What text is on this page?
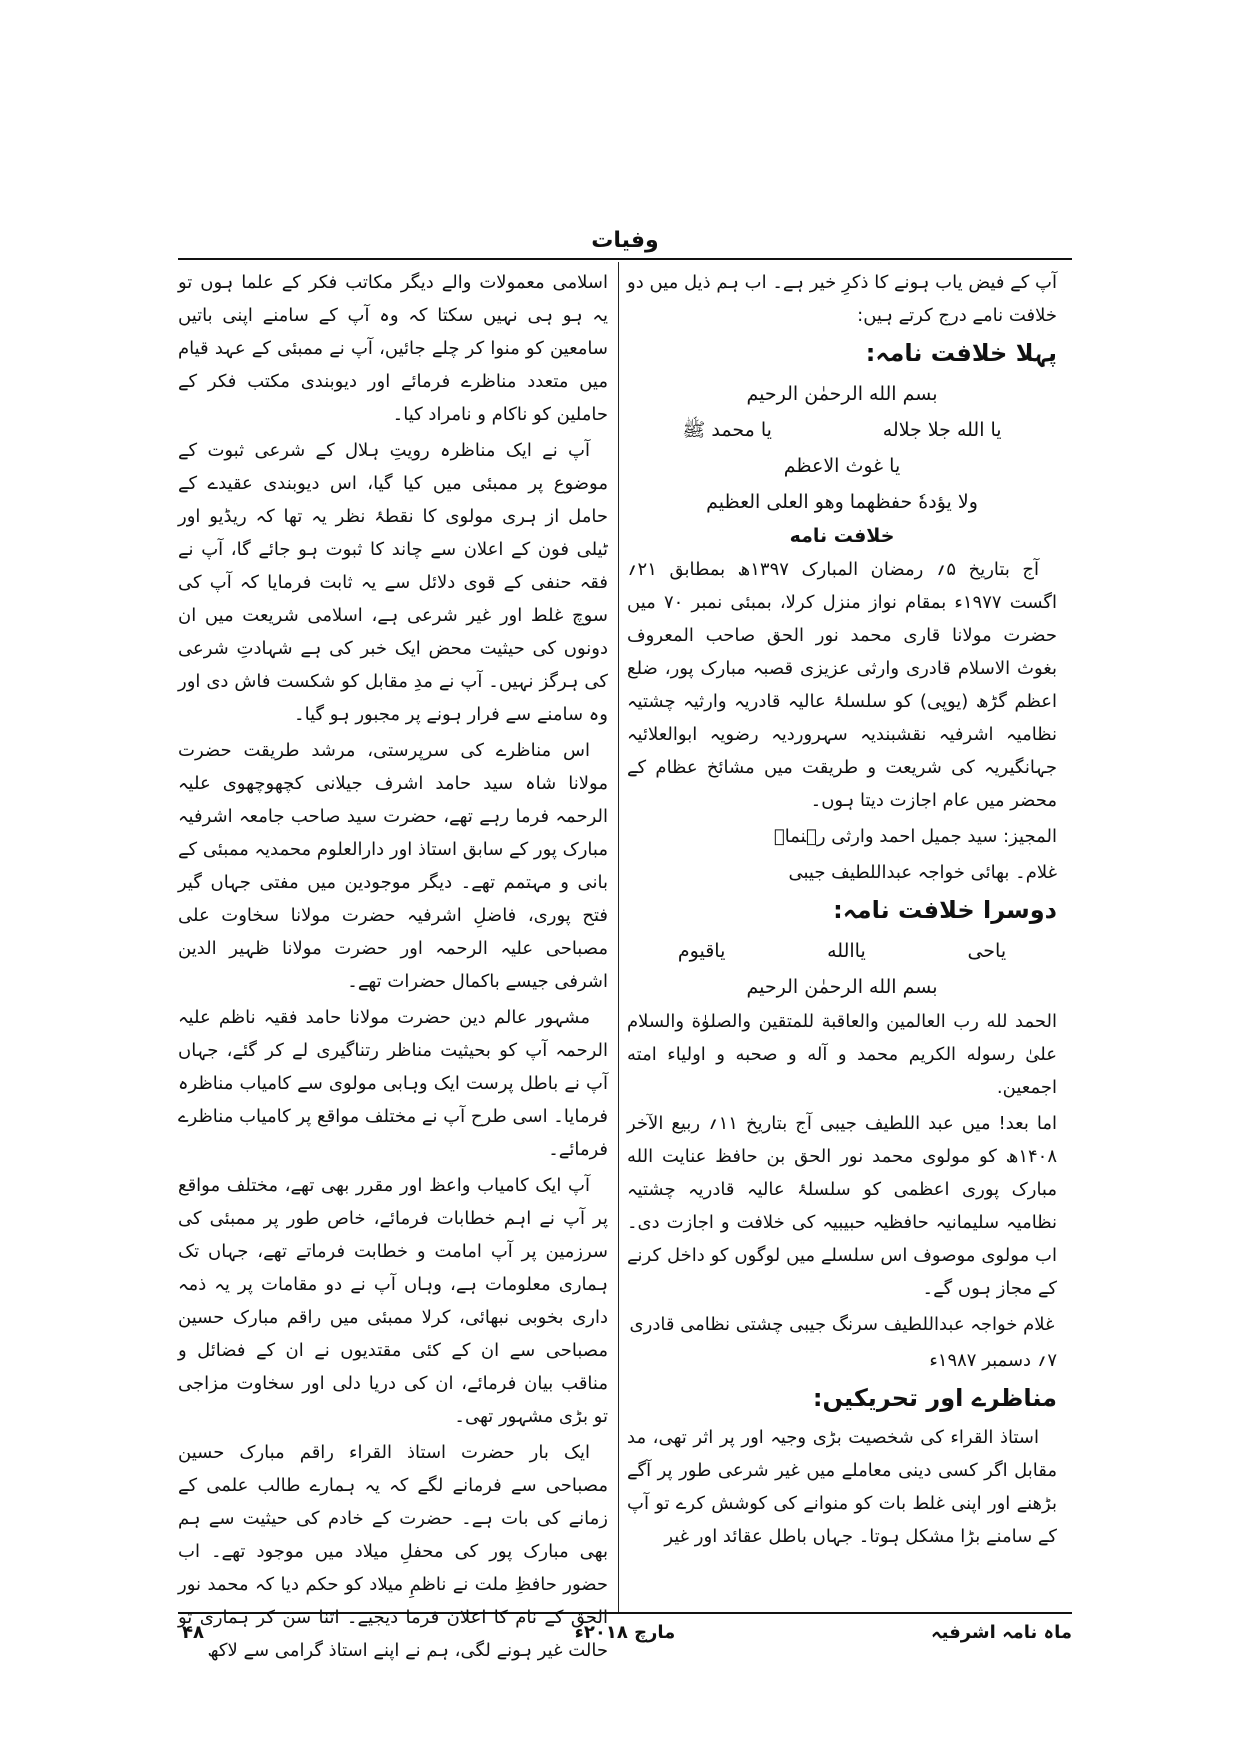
وفیات

آپ کے فیض یاب ہونے کا ذکرِ خیر ہے۔ اب ہم ذیل میں دو خلافت نامے درج کرتے ہیں:

پہلا خلافت نامہ:
بسم الله الرحمٰن الرحیم
یا الله جلا جلاله
یا محمد ﷺ
یا غوث الاعظم
ولا یؤدهٗ حفظهما وهو العلی العظیم
خلافت نامه

آج بتاریخ ۵؍ رمضان المبارک ۱۳۹۷ھ بمطابق ۲۱؍ اگست ۱۹۷۷ء بمقام نواز منزل کرلا، بمبئی نمبر ۷۰ میں حضرت مولانا قاری محمد نور الحق صاحب المعروف بغوث الاسلام قادری وارثی عزیزی قصبہ مبارک پور، ضلع اعظم گڑھ (یوپی) کو سلسلۂ عالیہ قادریہ وارثیہ چشتیہ نظامیہ اشرفیہ نقشبندیہ سہروردیہ رضویہ ابوالعلائیہ جہانگیریہ کی شریعت و طریقت میں مشائخ عظام کے محضر میں عام اجازت دیتا ہوں۔

المجیز: سید جمیل احمد وارثی رہنماؔ

غلام۔ بھائی خواجہ عبداللطیف جیبی

دوسرا خلافت نامہ:
یاحی
یاالله
یاقیوم
بسم الله الرحمٰن الرحیم

الحمد لله رب العالمین والعاقبة للمتقین والصلوٰة والسلام علیٰ رسوله الکریم محمد و آله و صحبه و اولیاء امته اجمعین.

اما بعد! میں عبد اللطیف جیبی آج بتاریخ ۱۱؍ ربیع الآخر ۱۴۰۸ھ کو مولوی محمد نور الحق بن حافظ عنایت الله مبارک پوری اعظمی کو سلسلۂ عالیہ قادریہ چشتیہ نظامیہ سلیمانیہ حافظیہ حبیبیہ کی خلافت و اجازت دی۔ اب مولوی موصوف اس سلسلے میں لوگوں کو داخل کرنے کے مجاز ہوں گے۔

غلام خواجہ عبداللطیف سرنگ جیبی چشتی نظامی قادری

۷؍ دسمبر ۱۹۸۷ء

مناظرے اور تحریکیں:

استاذ القراء کی شخصیت بڑی وجیہ اور پر اثر تھی، مد مقابل اگر کسی دینی معاملے میں غیر شرعی طور پر آگے بڑھنے اور اپنی غلط بات کو منوانے کی کوشش کرے تو آپ کے سامنے بڑا مشکل ہوتا۔ جہاں باطل عقائد اور غیر

اسلامی معمولات والے دیگر مکاتب فکر کے علما ہوں تو یہ ہو ہی نہیں سکتا کہ وہ آپ کے سامنے اپنی باتیں سامعین کو منوا کر چلے جائیں، آپ نے ممبئی کے عہد قیام میں متعدد مناظرے فرمائے اور دیوبندی مکتب فکر کے حاملین کو ناکام و نامراد کیا۔

آپ نے ایک مناظرہ رویتِ ہلال کے شرعی ثبوت کے موضوع پر ممبئی میں کیا گیا، اس دیوبندی عقیدے کے حامل از ہری مولوی کا نقطۂ نظر یہ تھا کہ ریڈیو اور ٹیلی فون کے اعلان سے چاند کا ثبوت ہو جائے گا، آپ نے فقہ حنفی کے قوی دلائل سے یہ ثابت فرمایا کہ آپ کی سوچ غلط اور غیر شرعی ہے، اسلامی شریعت میں ان دونوں کی حیثیت محض ایک خبر کی ہے شہادتِ شرعی کی ہرگز نہیں۔ آپ نے مدِ مقابل کو شکست فاش دی اور وہ سامنے سے فرار ہونے پر مجبور ہو گیا۔

اس مناظرے کی سرپرستی، مرشد طریقت حضرت مولانا شاہ سید حامد اشرف جیلانی کچھوچھوی علیہ الرحمہ فرما رہے تھے، حضرت سید صاحب جامعہ اشرفیہ مبارک پور کے سابق استاذ اور دارالعلوم محمدیہ ممبئی کے بانی و مہتمم تھے۔ دیگر موجودین میں مفتی جہاں گیر فتح پوری، فاضلِ اشرفیہ حضرت مولانا سخاوت علی مصباحی علیہ الرحمہ اور حضرت مولانا ظہیر الدین اشرفی جیسے باکمال حضرات تھے۔

مشہور عالم دین حضرت مولانا حامد فقیہ ناظم علیہ الرحمہ آپ کو بحیثیت مناظر رتناگیری لے کر گئے، جہاں آپ نے باطل پرست ایک وہابی مولوی سے کامیاب مناظرہ فرمایا۔ اسی طرح آپ نے مختلف مواقع پر کامیاب مناظرے فرمائے۔

آپ ایک کامیاب واعظ اور مقرر بھی تھے، مختلف مواقع پر آپ نے اہم خطابات فرمائے، خاص طور پر ممبئی کی سرزمین پر آپ امامت و خطابت فرماتے تھے، جہاں تک ہماری معلومات ہے، وہاں آپ نے دو مقامات پر یہ ذمہ داری بخوبی نبھائی، کرلا ممبئی میں راقم مبارک حسین مصباحی سے ان کے کئی مقتدیوں نے ان کے فضائل و مناقب بیان فرمائے، ان کی دریا دلی اور سخاوت مزاجی تو بڑی مشہور تھی۔

ایک بار حضرت استاذ القراء راقم مبارک حسین مصباحی سے فرمانے لگے کہ یہ ہمارے طالب علمی کے زمانے کی بات ہے۔ حضرت کے خادم کی حیثیت سے ہم بھی مبارک پور کی محفلِ میلاد میں موجود تھے۔ اب حضور حافظِ ملت نے ناظمِ میلاد کو حکم دیا کہ محمد نور الحق کے نام کا اعلان فرما دیجیے۔ اتنا سن کر ہماری تو حالت غیر ہونے لگی، ہم نے اپنے استاذ گرامی سے لاکھ

ماہ نامہ اشرفیہ
مارچ ۲۰۱۸ء
۴۸
